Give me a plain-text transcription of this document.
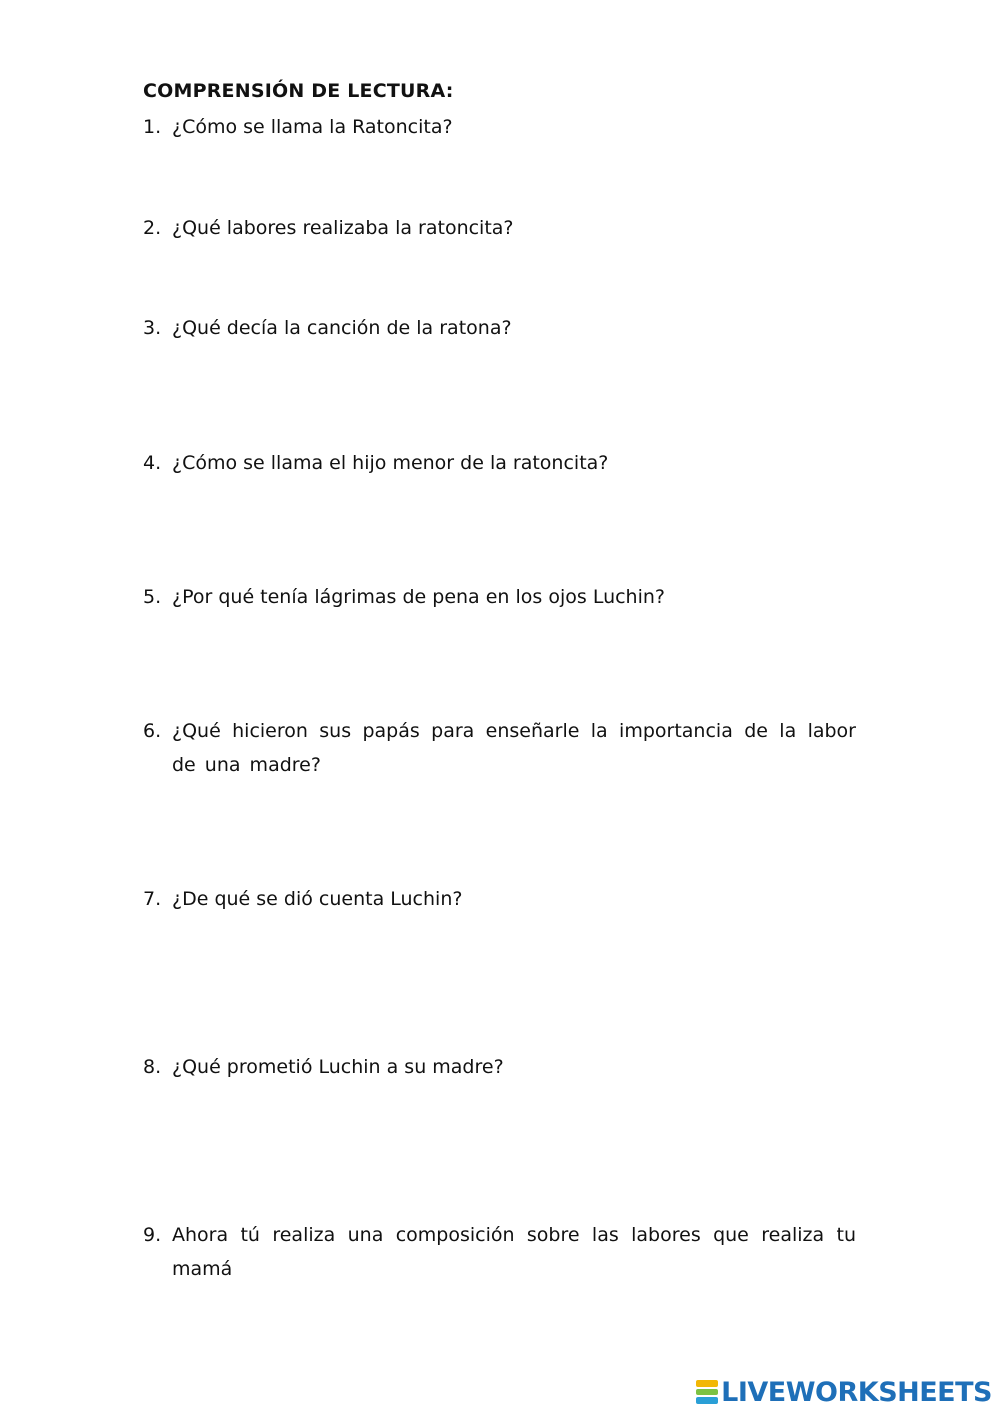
COMPRENSIÓN DE LECTURA:
1. ¿Cómo se llama la Ratoncita?
2. ¿Qué labores realizaba la ratoncita?
3. ¿Qué decía la canción de la ratona?
4. ¿Cómo se llama el hijo menor de la ratoncita?
5. ¿Por qué tenía lágrimas de pena en los ojos Luchin?
6. ¿Qué hicieron sus papás para enseñarle la importancia de la labor de una madre?
7. ¿De qué se dió cuenta Luchin?
8. ¿Qué prometió Luchin a su madre?
9. Ahora tú realiza una composición sobre las labores que realiza tu mamá
LIVEWORKSHEETS
